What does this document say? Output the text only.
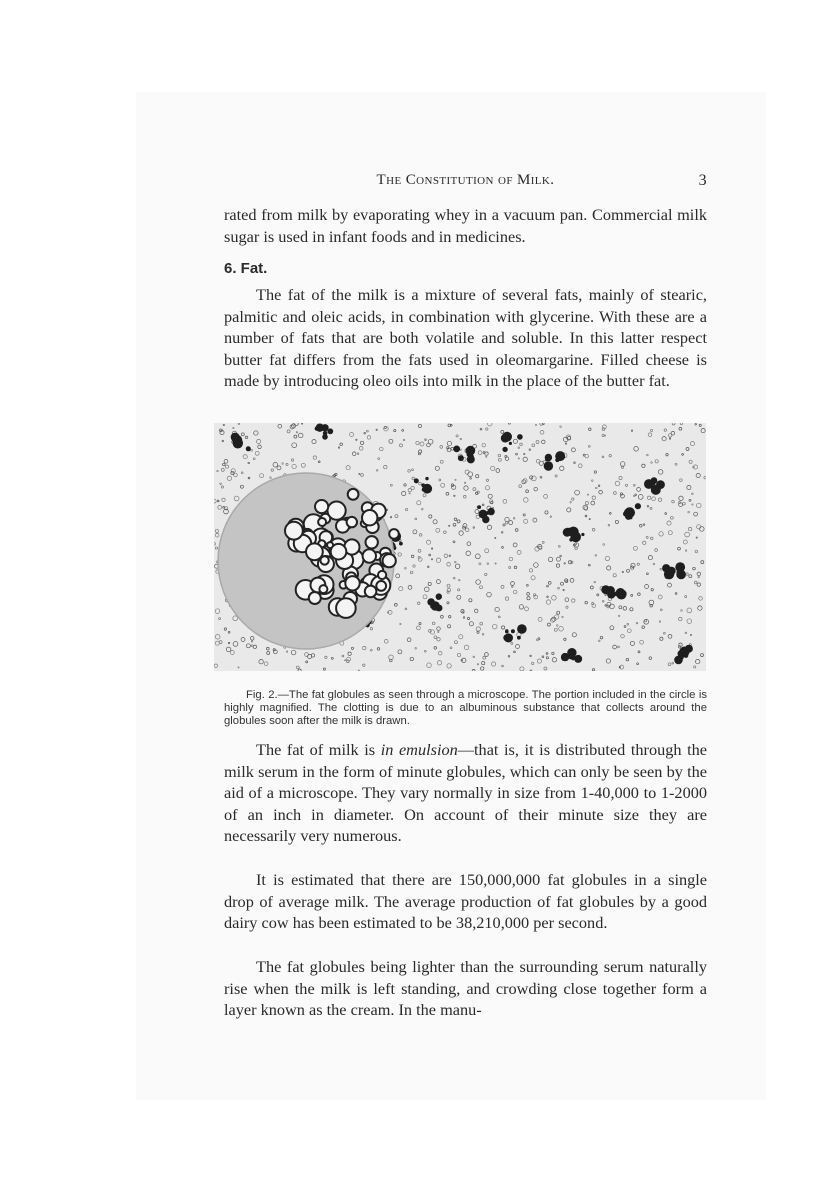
The Constitution of Milk.	3

rated from milk by evaporating whey in a vacuum pan. Commercial milk sugar is used in infant foods and in medicines.

6. Fat.

The fat of the milk is a mixture of several fats, mainly of stearic, palmitic and oleic acids, in combination with glycerine. With these are a number of fats that are both volatile and soluble. In this latter respect butter fat differs from the fats used in oleomargarine. Filled cheese is made by introducing oleo oils into milk in the place of the butter fat.

Fig. 2.—The fat globules as seen through a microscope. The portion included in the circle is highly magnified. The clotting is due to an albuminous substance that collects around the globules soon after the milk is drawn.

The fat of milk is in emulsion—that is, it is distributed through the milk serum in the form of minute globules, which can only be seen by the aid of a microscope. They vary normally in size from 1-40,000 to 1-2000 of an inch in diameter. On account of their minute size they are necessarily very numerous.

It is estimated that there are 150,000,000 fat globules in a single drop of average milk. The average production of fat globules by a good dairy cow has been estimated to be 38,210,000 per second.

The fat globules being lighter than the surrounding serum naturally rise when the milk is left standing, and crowding close together form a layer known as the cream. In the manu-
